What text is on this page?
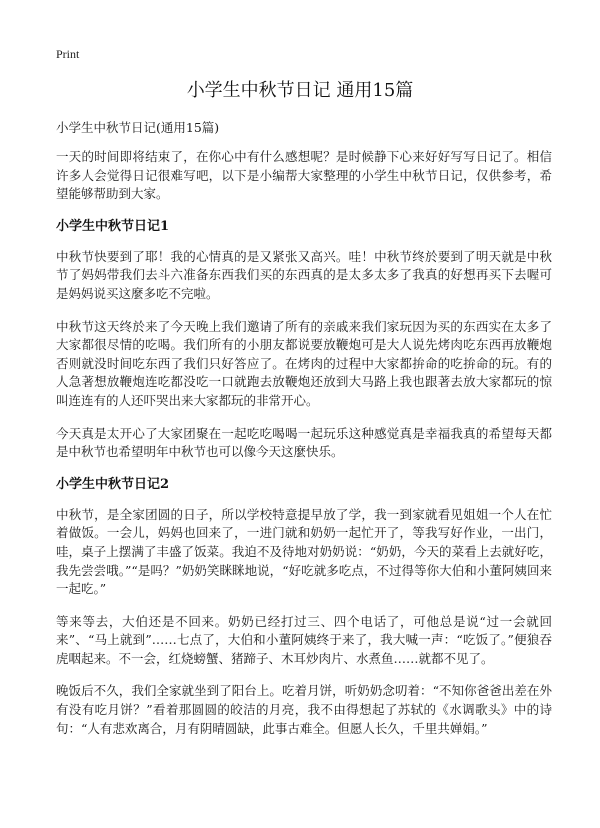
Print
小学生中秋节日记 通用15篇
小学生中秋节日记(通用15篇)

一天的时间即将结束了，在你心中有什么感想呢？是时候静下心来好好写写日记了。相信许多人会觉得日记很难写吧，以下是小编帮大家整理的小学生中秋节日记，仅供参考，希望能够帮助到大家。

小学生中秋节日记1

中秋节快要到了耶！我的心情真的是又紧张又高兴。哇！中秋节终於要到了明天就是中秋节了妈妈带我们去斗六准备东西我们买的东西真的是太多太多了我真的好想再买下去喔可是妈妈说买这麼多吃不完啦。

中秋节这天终於来了今天晚上我们邀请了所有的亲戚来我们家玩因为买的东西实在太多了大家都很尽情的吃喝。我们所有的小朋友都说要放鞭炮可是大人说先烤肉吃东西再放鞭炮否则就没时间吃东西了我们只好答应了。在烤肉的过程中大家都拚命的吃拚命的玩。有的人急著想放鞭炮连吃都没吃一口就跑去放鞭炮还放到大马路上我也跟著去放大家都玩的惊叫连连有的人还吓哭出来大家都玩的非常开心。

今天真是太开心了大家团聚在一起吃吃喝喝一起玩乐这种感觉真是幸福我真的希望每天都是中秋节也希望明年中秋节也可以像今天这麼快乐。

小学生中秋节日记2

中秋节，是全家团圆的日子，所以学校特意提早放了学，我一到家就看见姐姐一个人在忙着做饭。一会儿，妈妈也回来了，一进门就和奶奶一起忙开了，等我写好作业，一出门，哇，桌子上摆满了丰盛了饭菜。我迫不及待地对奶奶说：“奶奶，今天的菜看上去就好吃，我先尝尝哦。”“是吗？”奶奶笑眯眯地说，“好吃就多吃点，不过得等你大伯和小董阿姨回来一起吃。”

等来等去，大伯还是不回来。奶奶已经打过三、四个电话了，可他总是说“过一会就回来”、“马上就到”……七点了，大伯和小董阿姨终于来了，我大喊一声：“吃饭了。”便狼吞虎咽起来。不一会，红烧螃蟹、猪蹄子、木耳炒肉片、水煮鱼……就都不见了。

晚饭后不久，我们全家就坐到了阳台上。吃着月饼，听奶奶念叨着：“不知你爸爸出差在外有没有吃月饼？”看着那圆圆的皎洁的月亮，我不由得想起了苏轼的《水调歌头》中的诗句：“人有悲欢离合，月有阴晴圆缺，此事古难全。但愿人长久，千里共婵娟。”
